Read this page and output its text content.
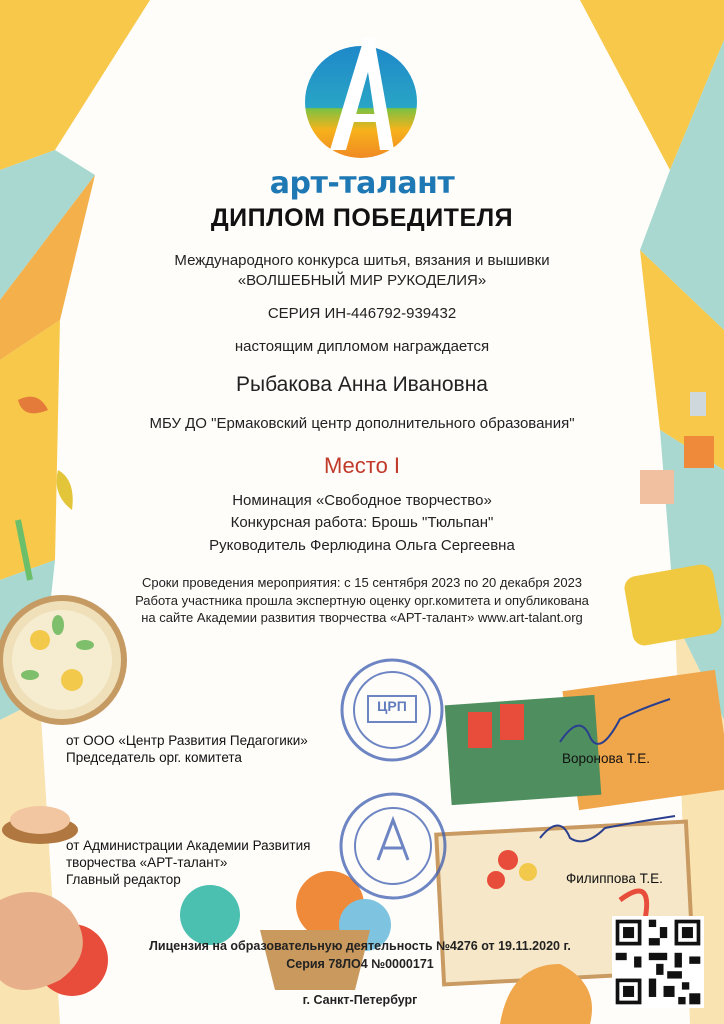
арт-талант
ДИПЛОМ ПОБЕДИТЕЛЯ
Международного конкурса шитья, вязания и вышивки
«ВОЛШЕБНЫЙ МИР РУКОДЕЛИЯ»
СЕРИЯ ИН-446792-939432
настоящим дипломом награждается
Рыбакова Анна Ивановна
МБУ ДО "Ермаковский центр дополнительного образования"
Место I
Номинация «Свободное творчество»
Конкурсная работа: Брошь "Тюльпан"
Руководитель Ферлюдина Ольга Сергеевна
Сроки проведения мероприятия: с 15 сентября 2023 по 20 декабря 2023
Работа участника прошла экспертную оценку орг.комитета и опубликована
на сайте Академии развития творчества «АРТ-талант» www.art-talant.org
ЦРП
от ООО «Центр Развития Педагогики»
Председатель орг. комитета	Воронова Т.Е.
от Администрации Академии Развития
творчества «АРТ-талант»
Главный редактор	Филиппова Т.Е.
Лицензия на образовательную деятельность №4276 от 19.11.2020 г.
Серия 78ЛО4 №0000171
г. Санкт-Петербург
